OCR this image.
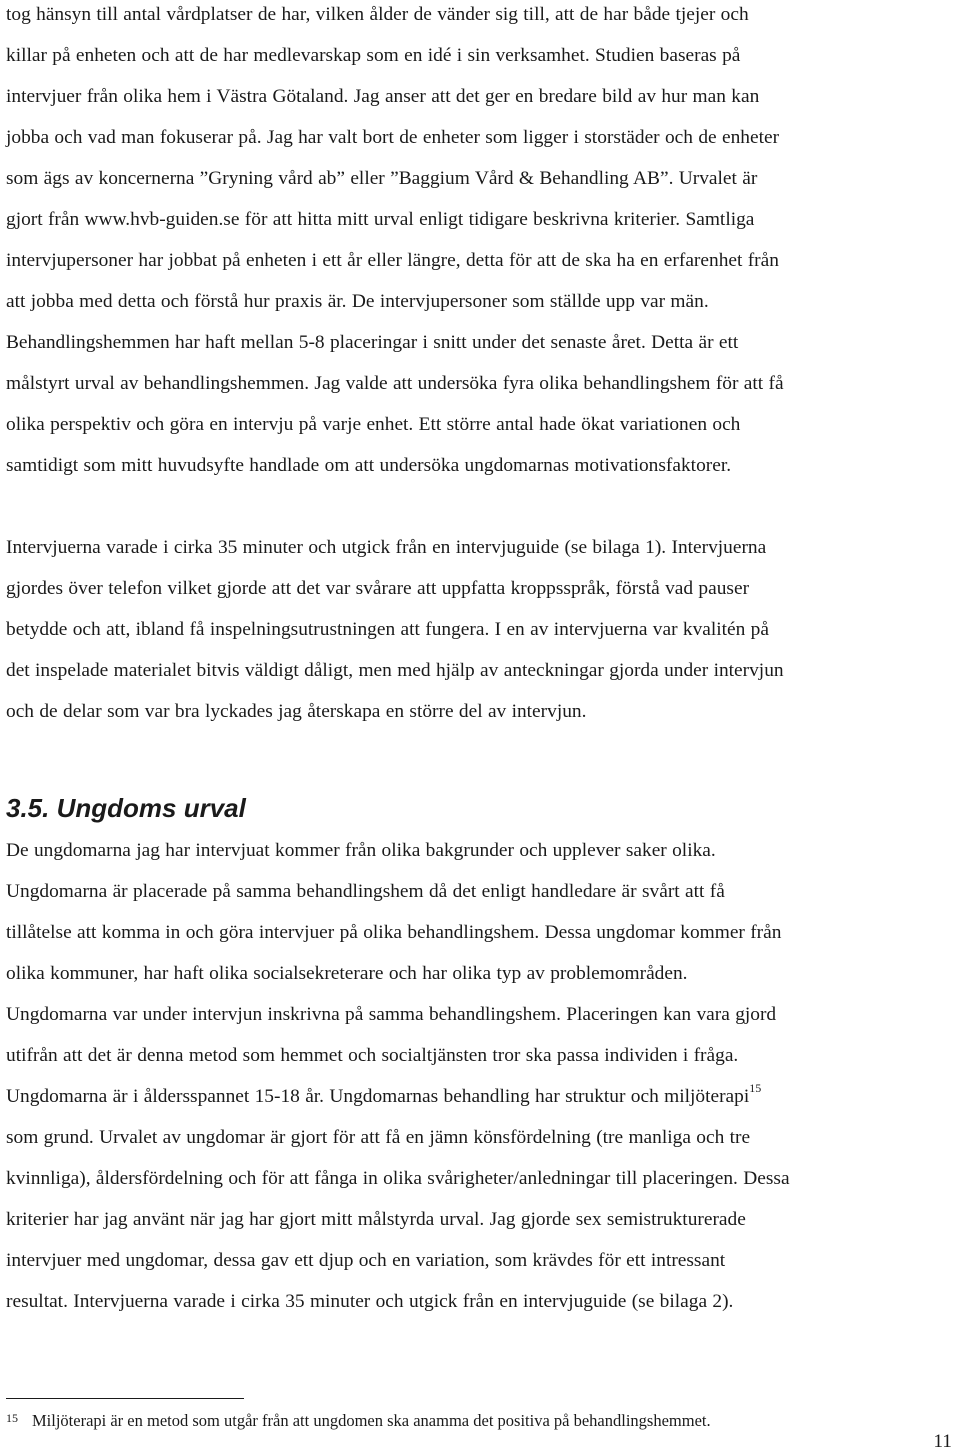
tog hänsyn till antal vårdplatser de har, vilken ålder de vänder sig till, att de har både tjejer och
killar på enheten och att de har medlevarskap som en idé i sin verksamhet. Studien baseras på
intervjuer från olika hem i Västra Götaland. Jag anser att det ger en bredare bild av hur man kan
jobba och vad man fokuserar på. Jag har valt bort de enheter som ligger i storstäder och de enheter
som ägs av koncernerna ”Gryning vård ab” eller ”Baggium Vård & Behandling AB”. Urvalet är
gjort från www.hvb-guiden.se för att hitta mitt urval enligt tidigare beskrivna kriterier. Samtliga
intervjupersoner har jobbat på enheten i ett år eller längre, detta för att de ska ha en erfarenhet från
att jobba med detta och förstå hur praxis är. De intervjupersoner som ställde upp var män.
Behandlingshemmen har haft mellan 5-8 placeringar i snitt under det senaste året. Detta är ett
målstyrt urval av behandlingshemmen. Jag valde att undersöka fyra olika behandlingshem för att få
olika perspektiv och göra en intervju på varje enhet. Ett större antal hade ökat variationen och
samtidigt som mitt huvudsyfte handlade om att undersöka ungdomarnas motivationsfaktorer.

Intervjuerna varade i cirka 35 minuter och utgick från en intervjuguide (se bilaga 1). Intervjuerna
gjordes över telefon vilket gjorde att det var svårare att uppfatta kroppsspråk, förstå vad pauser
betydde och att, ibland få inspelningsutrustningen att fungera. I en av intervjuerna var kvalitén på
det inspelade materialet bitvis väldigt dåligt, men med hjälp av anteckningar gjorda under intervjun
och de delar som var bra lyckades jag återskapa en större del av intervjun.

3.5. Ungdoms urval

De ungdomarna jag har intervjuat kommer från olika bakgrunder och upplever saker olika.
Ungdomarna är placerade på samma behandlingshem då det enligt handledare är svårt att få
tillåtelse att komma in och göra intervjuer på olika behandlingshem. Dessa ungdomar kommer från
olika kommuner, har haft olika socialsekreterare och har olika typ av problemområden.
Ungdomarna var under intervjun inskrivna på samma behandlingshem. Placeringen kan vara gjord
utifrån att det är denna metod som hemmet och socialtjänsten tror ska passa individen i fråga.
Ungdomarna är i åldersspannet 15-18 år. Ungdomarnas behandling har struktur och miljöterapi$^{15}$
som grund. Urvalet av ungdomar är gjort för att få en jämn könsfördelning (tre manliga och tre
kvinnliga), åldersfördelning och för att fånga in olika svårigheter/anledningar till placeringen. Dessa
kriterier har jag använt när jag har gjort mitt målstyrda urval. Jag gjorde sex semistrukturerade
intervjuer med ungdomar, dessa gav ett djup och en variation, som krävdes för ett intressant
resultat. Intervjuerna varade i cirka 35 minuter och utgick från en intervjuguide (se bilaga 2).

15 Miljöterapi är en metod som utgår från att ungdomen ska anamma det positiva på behandlingshemmet.
11
